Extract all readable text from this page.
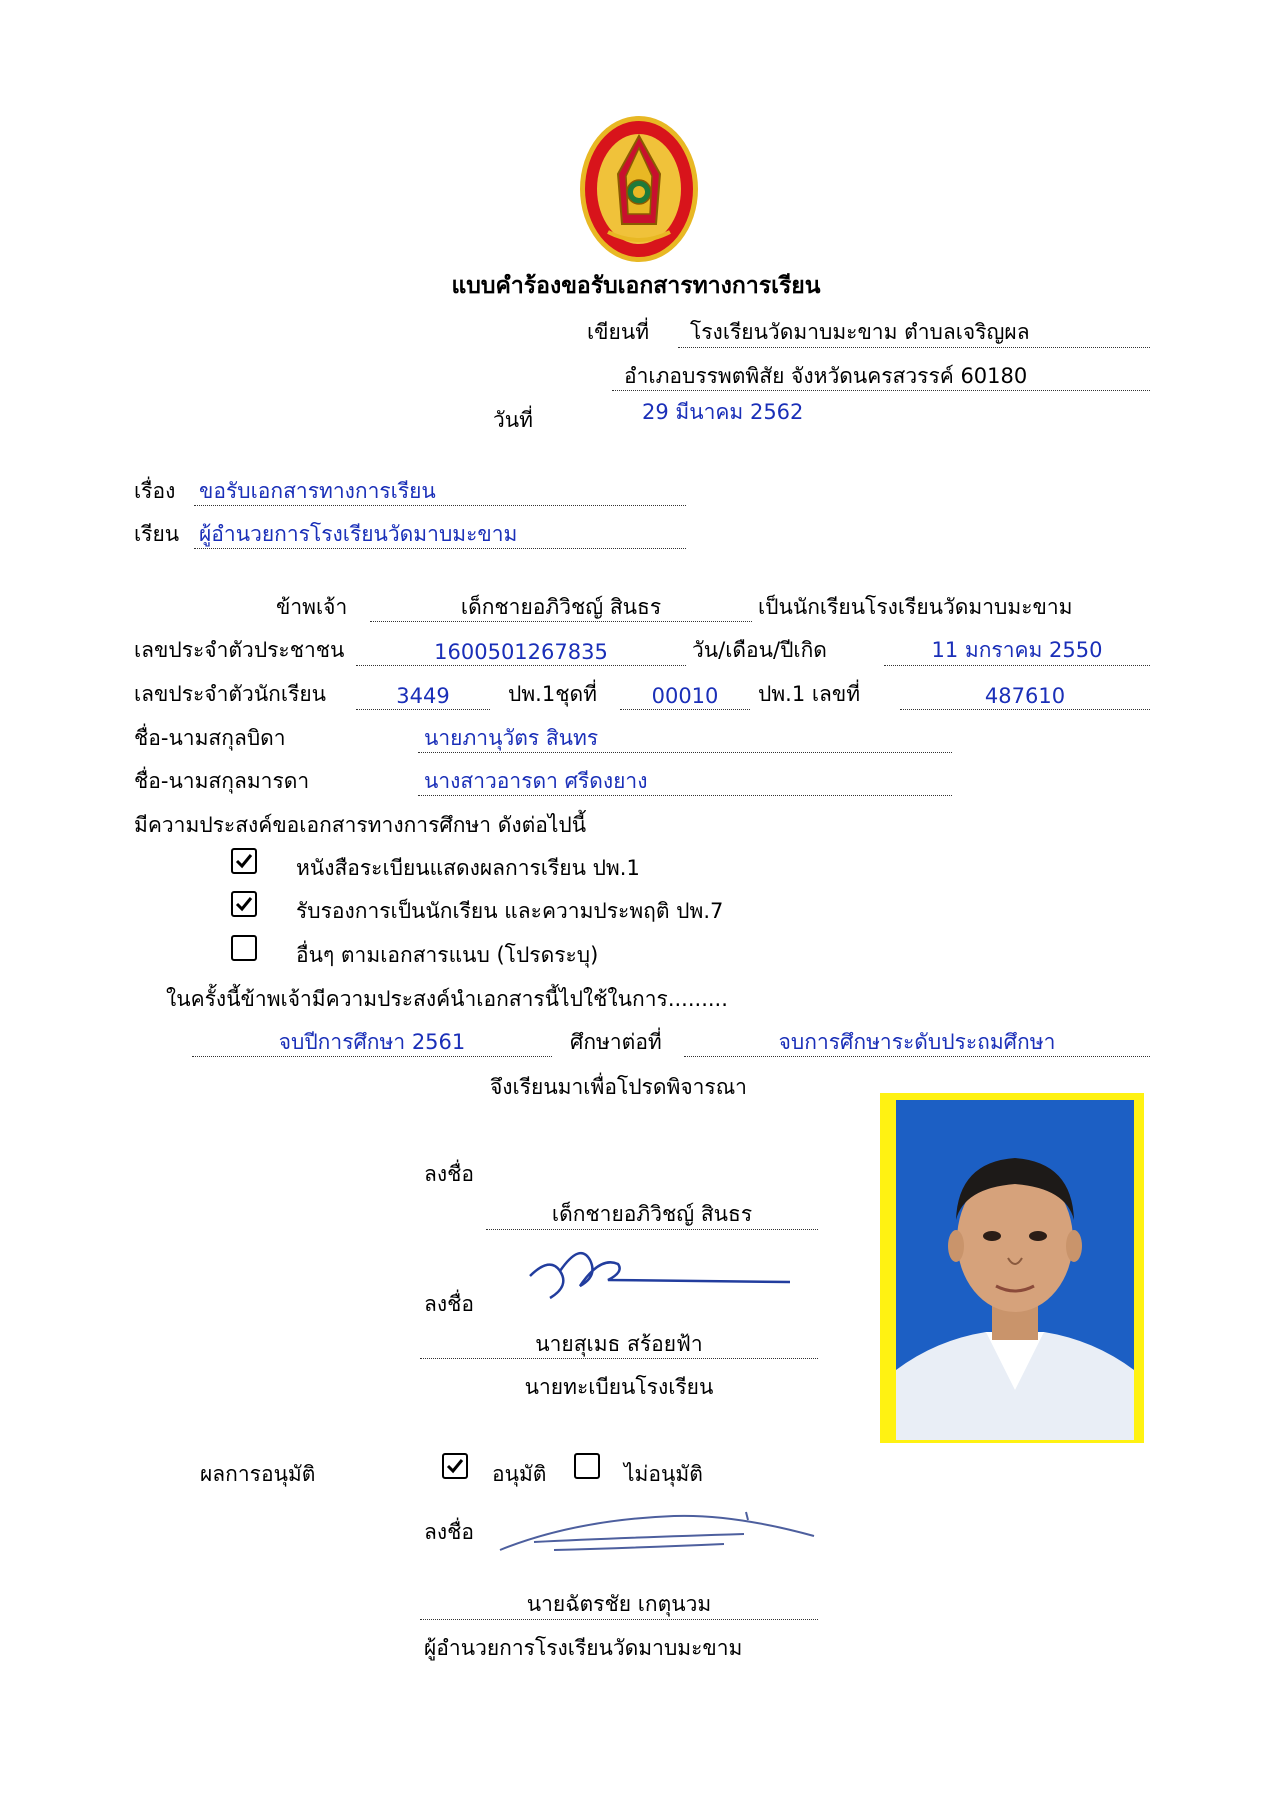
แบบคำร้องขอรับเอกสารทางการเรียน
เขียนที่ โรงเรียนวัดมาบมะขาม ตำบลเจริญผล
อำเภอบรรพตพิสัย จังหวัดนครสวรรค์ 60180
วันที่	29 มีนาคม 2562
เรื่อง ขอรับเอกสารทางการเรียน
เรียน ผู้อำนวยการโรงเรียนวัดมาบมะขาม
ข้าพเจ้า	เด็กชายอภิวิชญ์ สินธร	เป็นนักเรียนโรงเรียนวัดมาบมะขาม
เลขประจำตัวประชาชน	1600501267835	วัน/เดือน/ปีเกิด	11 มกราคม 2550
เลขประจำตัวนักเรียน	3449	ปพ.1ชุดที่	00010	ปพ.1 เลขที่	487610
ชื่อ-นามสกุลบิดา	นายภานุวัตร สินทร
ชื่อ-นามสกุลมารดา	นางสาวอารดา ศรีดงยาง
มีความประสงค์ขอเอกสารทางการศึกษา ดังต่อไปนี้
หนังสือระเบียนแสดงผลการเรียน ปพ.1
รับรองการเป็นนักเรียน และความประพฤติ ปพ.7
อื่นๆ ตามเอกสารแนบ (โปรดระบุ)
ในครั้งนี้ข้าพเจ้ามีความประสงค์นำเอกสารนี้ไปใช้ในการ.........
จบปีการศึกษา 2561	ศึกษาต่อที่	จบการศึกษาระดับประถมศึกษา
จึงเรียนมาเพื่อโปรดพิจารณา
ลงชื่อ
เด็กชายอภิวิชญ์ สินธร
ลงชื่อ
นายสุเมธ สร้อยฟ้า
นายทะเบียนโรงเรียน
ผลการอนุมัติ	อนุมัติ	ไม่อนุมัติ
ลงชื่อ
นายฉัตรชัย เกตุนวม
ผู้อำนวยการโรงเรียนวัดมาบมะขาม
